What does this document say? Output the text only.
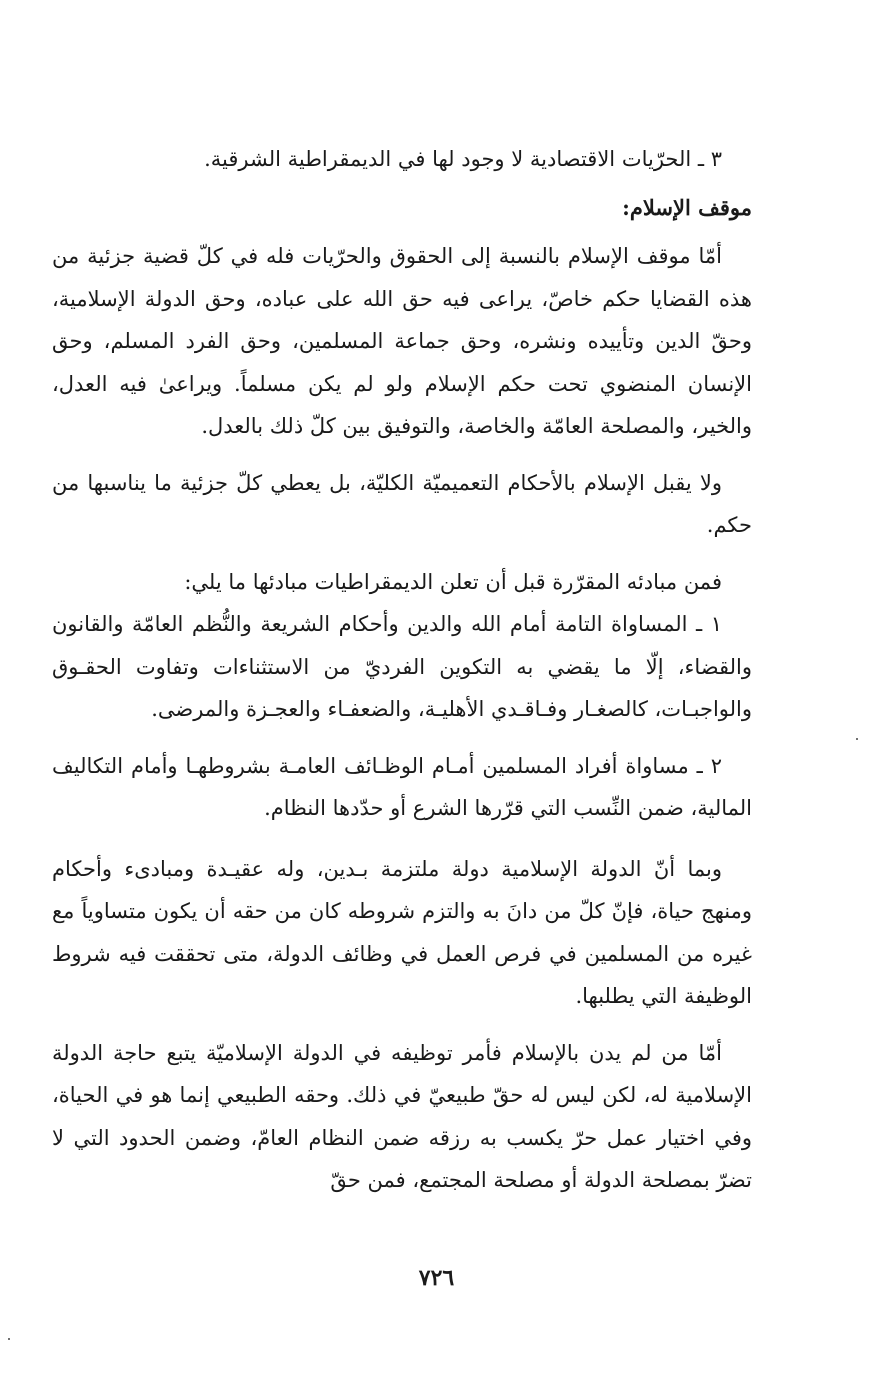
٣ ـ الحرّيات الاقتصادية لا وجود لها في الديمقراطية الشرقية.

موقف الإسلام:

أمّا موقف الإسلام بالنسبة إلى الحقوق والحرّيات فله في كلّ قضية جزئية من هذه القضايا حكم خاصّ، يراعى فيه حق الله على عباده، وحق الدولة الإسلامية، وحقّ الدين وتأييده ونشره، وحق جماعة المسلمين، وحق الفرد المسلم، وحق الإنسان المنضوي تحت حكم الإسلام ولو لم يكن مسلماً. ويراعىٰ فيه العدل، والخير، والمصلحة العامّة والخاصة، والتوفيق بين كلّ ذلك بالعدل.

ولا يقبل الإسلام بالأحكام التعميميّة الكليّة، بل يعطي كلّ جزئية ما يناسبها من حكم.

فمن مبادئه المقرّرة قبل أن تعلن الديمقراطيات مبادئها ما يلي:

١ ـ المساواة التامة أمام الله والدين وأحكام الشريعة والنُّظم العامّة والقانون والقضاء، إلّا ما يقضي به التكوين الفرديّ من الاستثناءات وتفاوت الحقـوق والواجبـات، كالصغـار وفـاقـدي الأهليـة، والضعفـاء والعجـزة والمرضى.

٢ ـ مساواة أفراد المسلمين أمـام الوظـائف العامـة بشروطهـا وأمام التكاليف المالية، ضمن النِّسب التي قرّرها الشرع أو حدّدها النظام.

وبما أنّ الدولة الإسلامية دولة ملتزمة بـدين، وله عقيـدة ومبادىء وأحكام ومنهج حياة، فإنّ كلّ من دانَ به والتزم شروطه كان من حقه أن يكون متساوياً مع غيره من المسلمين في فرص العمل في وظائف الدولة، متى تحققت فيه شروط الوظيفة التي يطلبها.

أمّا من لم يدن بالإسلام فأمر توظيفه في الدولة الإسلاميّة يتبع حاجة الدولة الإسلامية له، لكن ليس له حقّ طبيعيّ في ذلك. وحقه الطبيعي إنما هو في الحياة، وفي اختيار عمل حرّ يكسب به رزقه ضمن النظام العامّ، وضمن الحدود التي لا تضرّ بمصلحة الدولة أو مصلحة المجتمع، فمن حقّ

٧٢٦
